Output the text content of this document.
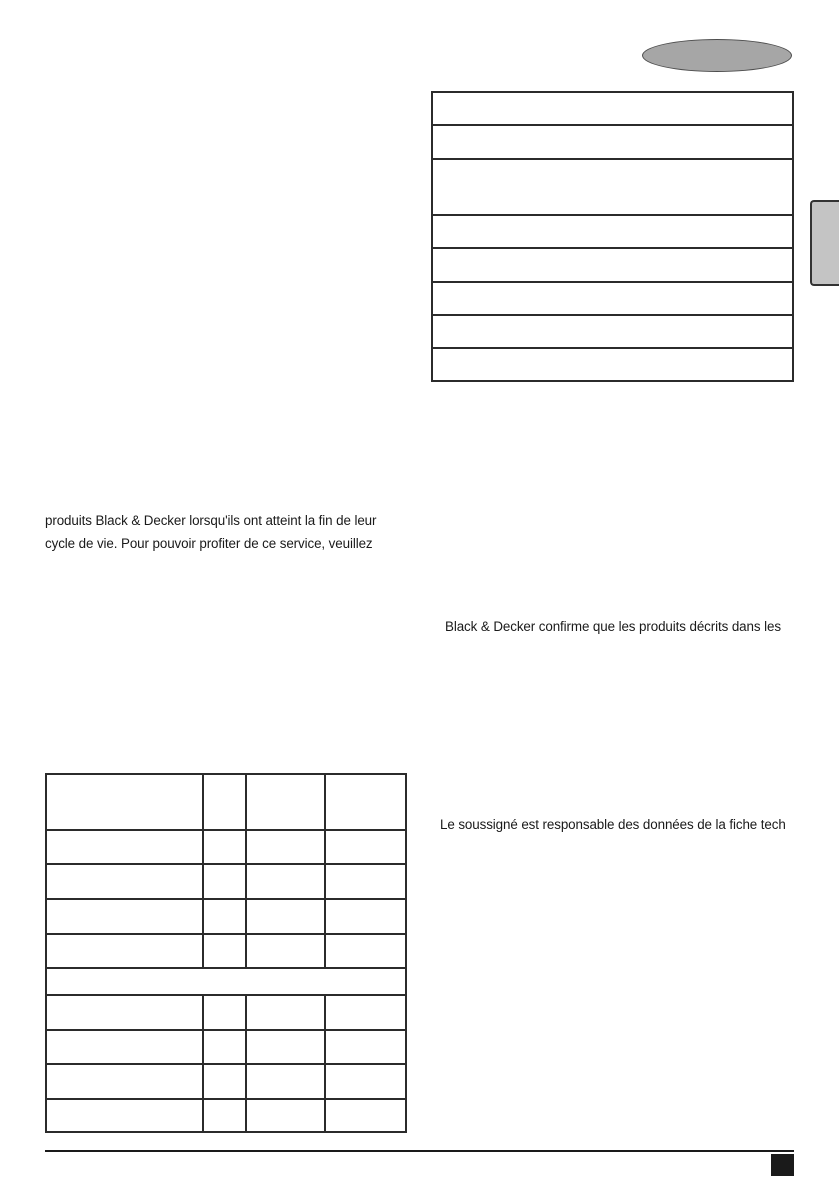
produits Black & Decker lorsqu'ils ont atteint la fin de leur
cycle de vie. Pour pouvoir profiter de ce service, veuillez
Black & Decker confirme que les produits décrits dans les
Le soussigné est responsable des données de la fiche tech
